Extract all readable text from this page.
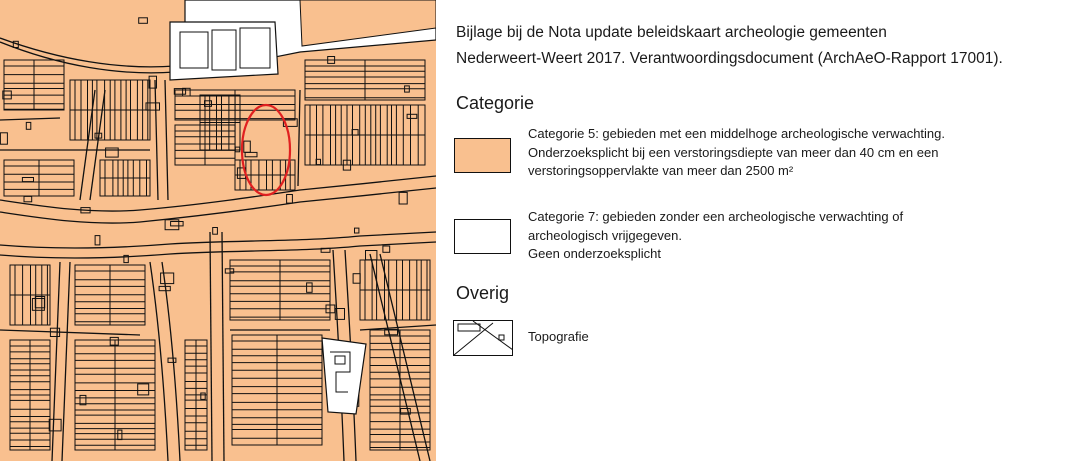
Bijlage bij de Nota update beleidskaart archeologie gemeenten
Nederweert-Weert 2017. Verantwoordingsdocument (ArchAeO-Rapport 17001).
Categorie
Categorie 5: gebieden met een middelhoge archeologische verwachting.
Onderzoeksplicht bij een verstoringsdiepte van meer dan 40 cm en een
verstoringsoppervlakte van meer dan 2500 m²
Categorie 7: gebieden zonder een archeologische verwachting of
archeologisch vrijgegeven.
Geen onderzoeksplicht
Overig
Topografie
